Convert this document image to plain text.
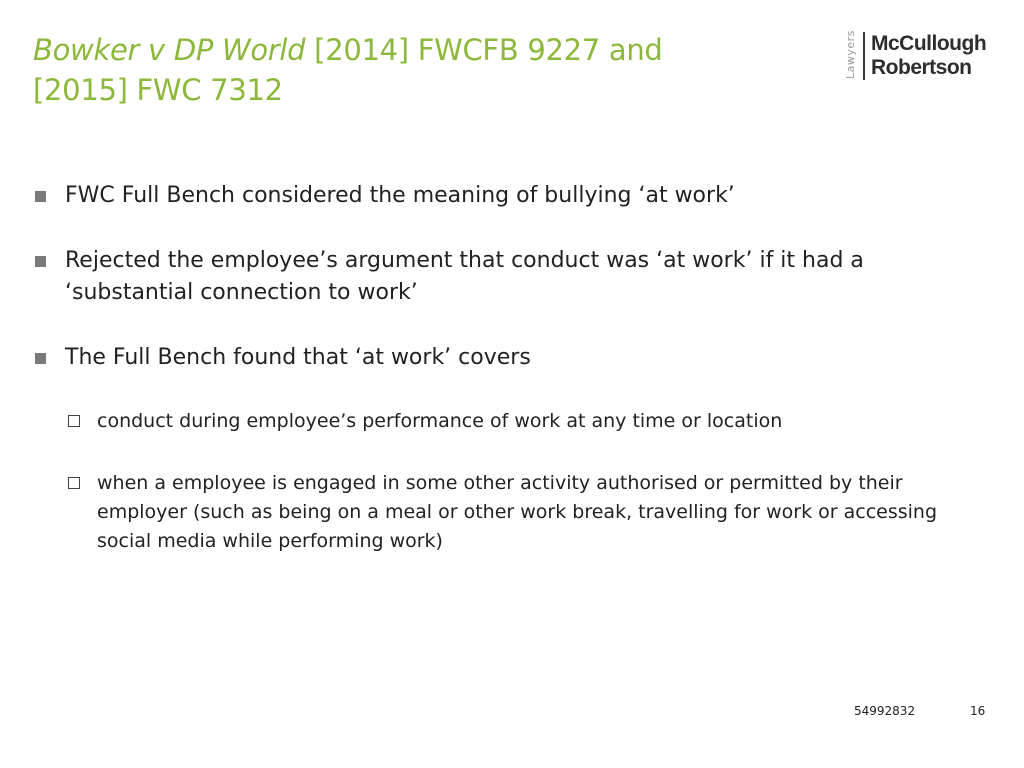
Bowker v DP World [2014] FWCFB 9227 and [2015] FWC 7312
Lawyers McCullough
Robertson
FWC Full Bench considered the meaning of bullying ‘at work’
Rejected the employee’s argument that conduct was ‘at work’ if it had a ‘substantial connection to work’
The Full Bench found that ‘at work’ covers
conduct during employee’s performance of work at any time or location
when a employee is engaged in some other activity authorised or permitted by their employer (such as being on a meal or other work break, travelling for work or accessing social media while performing work)
54992832	16
